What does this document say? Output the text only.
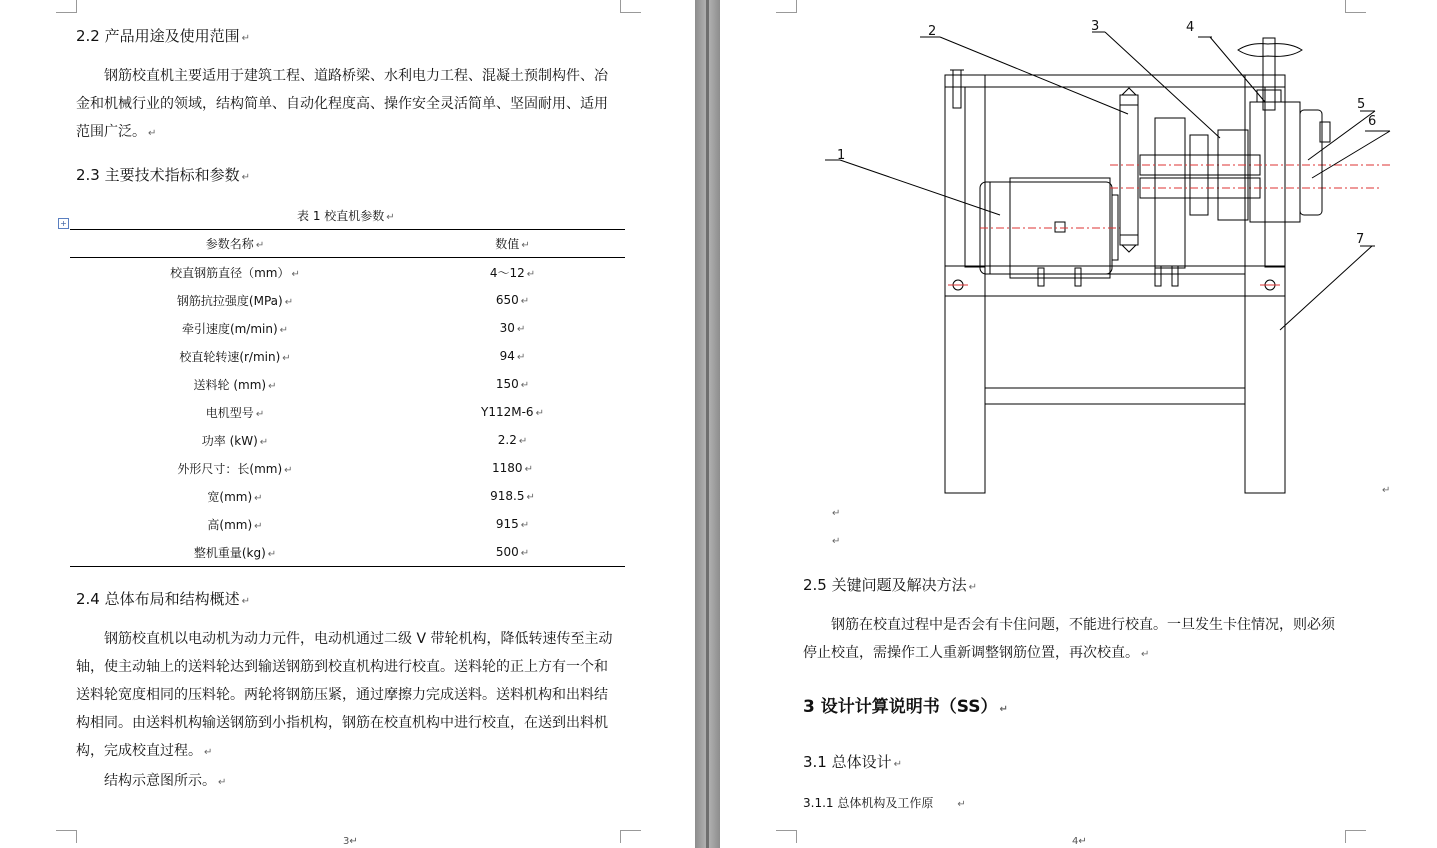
2.2 产品用途及使用范围 ↵
钢筋校直机主要适用于建筑工程、道路桥梁、水利电力工程、混凝土预制构件、冶
金和机械行业的领域，结构简单、自动化程度高、操作安全灵活简单、坚固耐用、适用
范围广泛。 ↵
2.3 主要技术指标和参数 ↵
表 1 校直机参数 ↵
+
参数名称 ↵	数值 ↵
校直钢筋直径（mm） ↵	4～12 ↵
钢筋抗拉强度(MPa) ↵	650 ↵
牵引速度(m/min) ↵	30 ↵
校直轮转速(r/min) ↵	94 ↵
送料轮 (mm) ↵	150 ↵
电机型号 ↵	Y112M-6 ↵
功率 (kW) ↵	2.2 ↵
外形尺寸：长(mm) ↵	1180 ↵
宽(mm) ↵	918.5 ↵
高(mm) ↵	915 ↵
整机重量(kg) ↵	500 ↵
2.4 总体布局和结构概述 ↵
钢筋校直机以电动机为动力元件，电动机通过二级 V 带轮机构，降低转速传至主动
轴，使主动轴上的送料轮达到输送钢筋到校直机构进行校直。送料轮的正上方有一个和
送料轮宽度相同的压料轮。两轮将钢筋压紧，通过摩擦力完成送料。送料机构和出料结
构相同。由送料机构输送钢筋到小指机构，钢筋在校直机构中进行校直，在送到出料机
构，完成校直过程。 ↵
结构示意图所示。 ↵
3↵
1
2	3	4
5
6
7
↵
↵
↵
2.5 关键问题及解决方法 ↵
钢筋在校直过程中是否会有卡住问题，不能进行校直。一旦发生卡住情况，则必须
停止校直，需操作工人重新调整钢筋位置，再次校直。 ↵
3 设计计算说明书（SS） ↵
3.1 总体设计 ↵
3.1.1 总体机构及工作原 ↵
4↵
